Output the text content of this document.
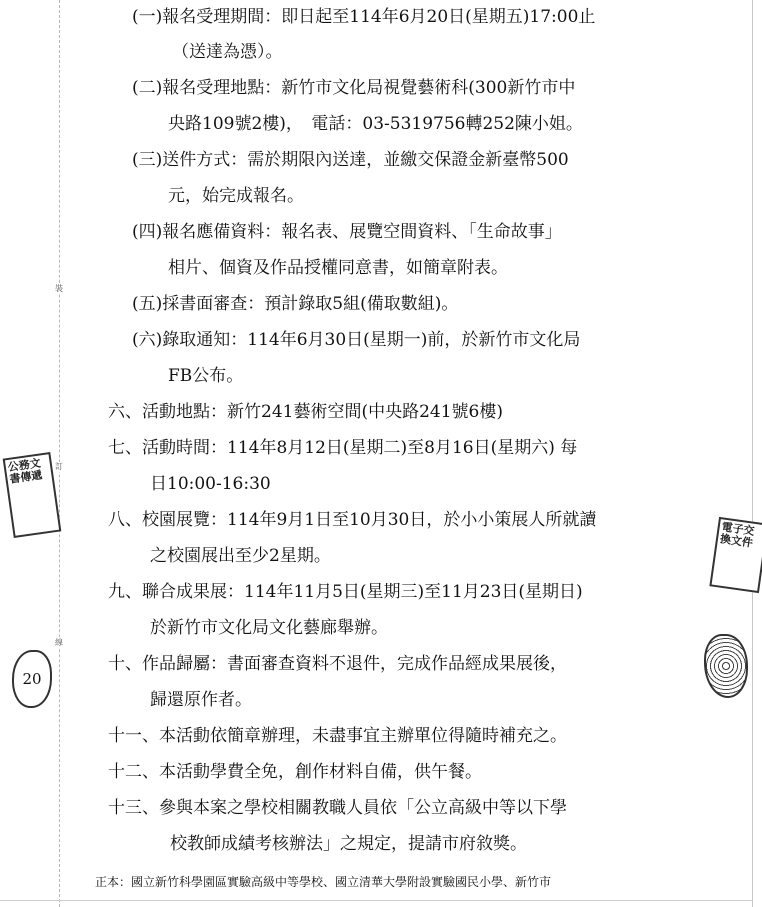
裝
訂
線
公務文書傳遞
20
電子交換文件
(一)報名受理期間：即日起至114年6月20日(星期五)17:00止
（送達為憑）。
(二)報名受理地點：新竹市文化局視覺藝術科(300新竹市中
央路109號2樓)，　電話：03-5319756轉252陳小姐。
(三)送件方式：需於期限內送達，並繳交保證金新臺幣500
元，始完成報名。
(四)報名應備資料：報名表、展覽空間資料、「生命故事」
相片、個資及作品授權同意書，如簡章附表。
(五)採書面審查：預計錄取5組(備取數組)。
(六)錄取通知：114年6月30日(星期一)前，於新竹市文化局
FB公布。
六、活動地點：新竹241藝術空間(中央路241號6樓)
七、活動時間：114年8月12日(星期二)至8月16日(星期六) 每
日10:00-16:30
八、校園展覽：114年9月1日至10月30日，於小小策展人所就讀
之校園展出至少2星期。
九、聯合成果展：114年11月5日(星期三)至11月23日(星期日)
於新竹市文化局文化藝廊舉辦。
十、作品歸屬：書面審查資料不退件，完成作品經成果展後，
歸還原作者。
十一、本活動依簡章辦理，未盡事宜主辦單位得隨時補充之。
十二、本活動學費全免，創作材料自備，供午餐。
十三、參與本案之學校相關教職人員依「公立高級中等以下學
校教師成績考核辦法」之規定，提請市府敘獎。
正本：國立新竹科學園區實驗高級中等學校、國立清華大學附設實驗國民小學、新竹市
